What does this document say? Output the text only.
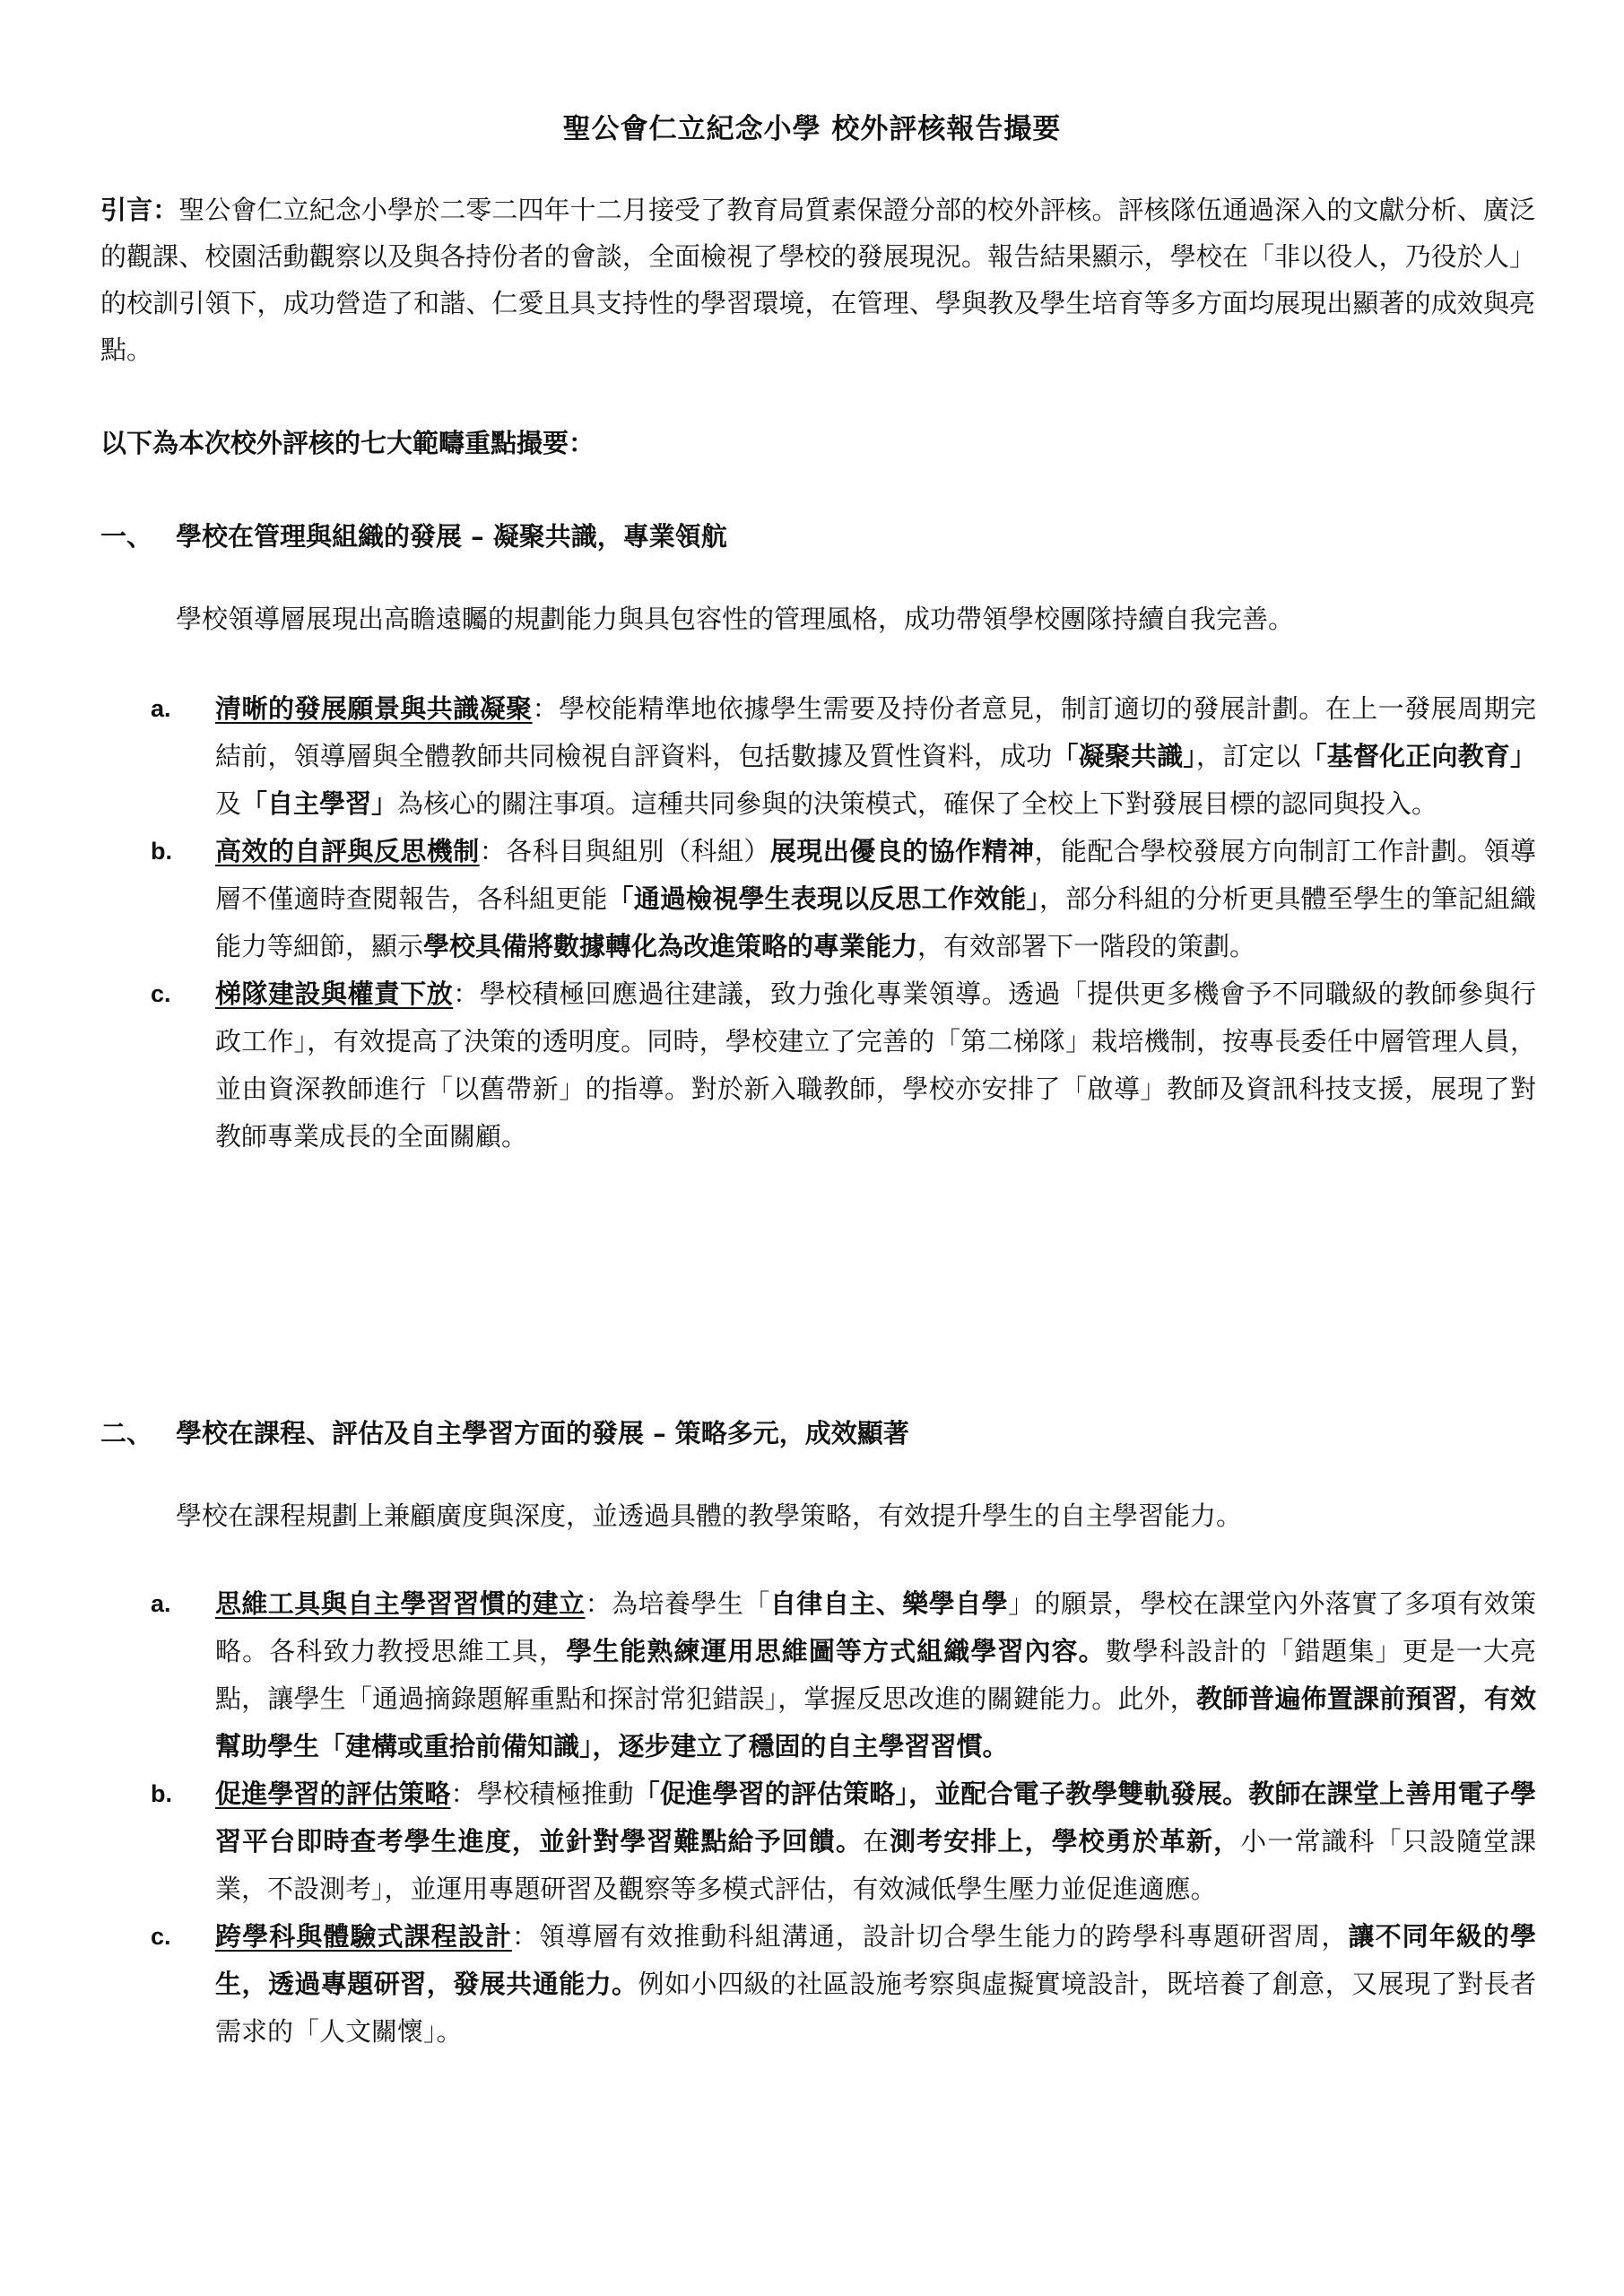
聖公會仁立紀念小學 校外評核報告撮要
引言：聖公會仁立紀念小學於二零二四年十二月接受了教育局質素保證分部的校外評核。評核隊伍通過深入的文獻分析、廣泛的觀課、校園活動觀察以及與各持份者的會談，全面檢視了學校的發展現況。報告結果顯示，學校在「非以役人，乃役於人」的校訓引領下，成功營造了和諧、仁愛且具支持性的學習環境，在管理、學與教及學生培育等多方面均展現出顯著的成效與亮點。
以下為本次校外評核的七大範疇重點撮要：
一、 學校在管理與組織的發展 – 凝聚共識，專業領航
學校領導層展現出高瞻遠矚的規劃能力與具包容性的管理風格，成功帶領學校團隊持續自我完善。
a. 清晰的發展願景與共識凝聚：學校能精準地依據學生需要及持份者意見，制訂適切的發展計劃。在上一發展周期完結前，領導層與全體教師共同檢視自評資料，包括數據及質性資料，成功「凝聚共識」，訂定以「基督化正向教育」及「自主學習」為核心的關注事項。這種共同參與的決策模式，確保了全校上下對發展目標的認同與投入。
b. 高效的自評與反思機制：各科目與組別（科組）展現出優良的協作精神，能配合學校發展方向制訂工作計劃。領導層不僅適時查閱報告，各科組更能「通過檢視學生表現以反思工作效能」，部分科組的分析更具體至學生的筆記組織能力等細節，顯示學校具備將數據轉化為改進策略的專業能力，有效部署下一階段的策劃。
c. 梯隊建設與權責下放：學校積極回應過往建議，致力強化專業領導。透過「提供更多機會予不同職級的教師參與行政工作」，有效提高了決策的透明度。同時，學校建立了完善的「第二梯隊」栽培機制，按專長委任中層管理人員，並由資深教師進行「以舊帶新」的指導。對於新入職教師，學校亦安排了「啟導」教師及資訊科技支援，展現了對教師專業成長的全面關顧。
二、 學校在課程、評估及自主學習方面的發展 – 策略多元，成效顯著
學校在課程規劃上兼顧廣度與深度，並透過具體的教學策略，有效提升學生的自主學習能力。
a. 思維工具與自主學習習慣的建立：為培養學生「自律自主、樂學自學」的願景，學校在課堂內外落實了多項有效策略。各科致力教授思維工具，學生能熟練運用思維圖等方式組織學習內容。數學科設計的「錯題集」更是一大亮點，讓學生「通過摘錄題解重點和探討常犯錯誤」，掌握反思改進的關鍵能力。此外，教師普遍佈置課前預習，有效幫助學生「建構或重拾前備知識」，逐步建立了穩固的自主學習習慣。
b. 促進學習的評估策略：學校積極推動「促進學習的評估策略」，並配合電子教學雙軌發展。教師在課堂上善用電子學習平台即時查考學生進度，並針對學習難點給予回饋。在測考安排上，學校勇於革新，小一常識科「只設隨堂課業，不設測考」，並運用專題研習及觀察等多模式評估，有效減低學生壓力並促進適應。
c. 跨學科與體驗式課程設計：領導層有效推動科組溝通，設計切合學生能力的跨學科專題研習周，讓不同年級的學生，透過專題研習，發展共通能力。例如小四級的社區設施考察與虛擬實境設計，既培養了創意，又展現了對長者需求的「人文關懷」。
